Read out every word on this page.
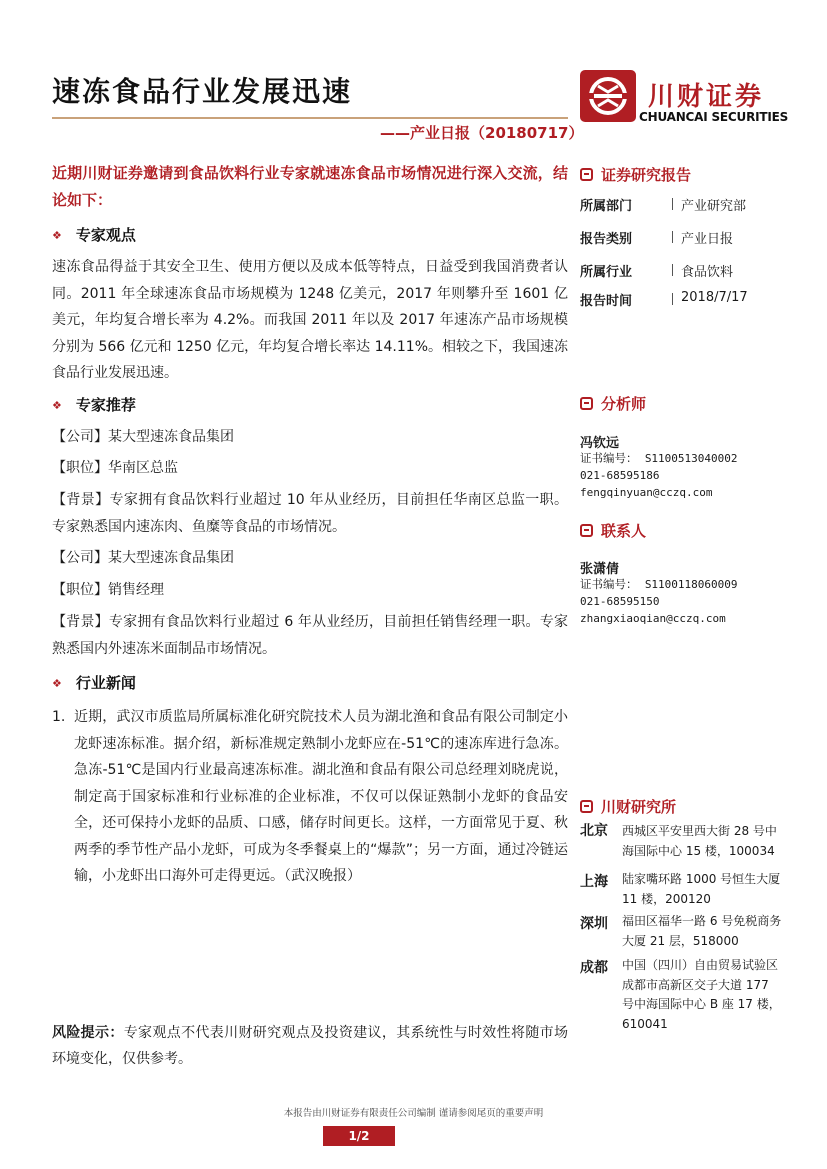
速冻食品行业发展迅速
——产业日报（20180717）
川财证券
CHUANCAI SECURITIES
近期川财证券邀请到食品饮料行业专家就速冻食品市场情况进行深入交流，结论如下：
❖ 专家观点
速冻食品得益于其安全卫生、使用方便以及成本低等特点，日益受到我国消费者认同。2011 年全球速冻食品市场规模为 1248 亿美元，2017 年则攀升至 1601 亿美元，年均复合增长率为 4.2%。而我国 2011 年以及 2017 年速冻产品市场规模分别为 566 亿元和 1250 亿元，年均复合增长率达 14.11%。相较之下，我国速冻食品行业发展迅速。
❖ 专家推荐
【公司】某大型速冻食品集团
【职位】华南区总监
【背景】专家拥有食品饮料行业超过 10 年从业经历，目前担任华南区总监一职。专家熟悉国内速冻肉、鱼糜等食品的市场情况。
【公司】某大型速冻食品集团
【职位】销售经理
【背景】专家拥有食品饮料行业超过 6 年从业经历，目前担任销售经理一职。专家熟悉国内外速冻米面制品市场情况。
❖ 行业新闻
1. 近期，武汉市质监局所属标准化研究院技术人员为湖北渔和食品有限公司制定小龙虾速冻标准。据介绍，新标准规定熟制小龙虾应在-51℃的速冻库进行急冻。急冻-51℃是国内行业最高速冻标准。湖北渔和食品有限公司总经理刘晓虎说，制定高于国家标准和行业标准的企业标准，不仅可以保证熟制小龙虾的食品安全，还可保持小龙虾的品质、口感，储存时间更长。这样，一方面常见于夏、秋两季的季节性产品小龙虾，可成为冬季餐桌上的“爆款”；另一方面，通过冷链运输，小龙虾出口海外可走得更远。（武汉晚报）
风险提示：专家观点不代表川财研究观点及投资建议，其系统性与时效性将随市场环境变化，仅供参考。
证券研究报告
所属部门	产业研究部
报告类别	产业日报
所属行业	食品饮料
报告时间	2018/7/17
分析师
冯钦远
证书编号： S1100513040002
021-68595186
fengqinyuan@cczq.com
联系人
张潇倩
证书编号： S1100118060009
021-68595150
zhangxiaoqian@cczq.com
川财研究所
北京 西城区平安里西大街 28 号中海国际中心 15 楼，100034
上海 陆家嘴环路 1000 号恒生大厦 11 楼，200120
深圳 福田区福华一路 6 号免税商务大厦 21 层，518000
成都 中国（四川）自由贸易试验区成都市高新区交子大道 177 号中海国际中心 B 座 17 楼，610041
本报告由川财证券有限责任公司编制 谨请参阅尾页的重要声明
1/2
